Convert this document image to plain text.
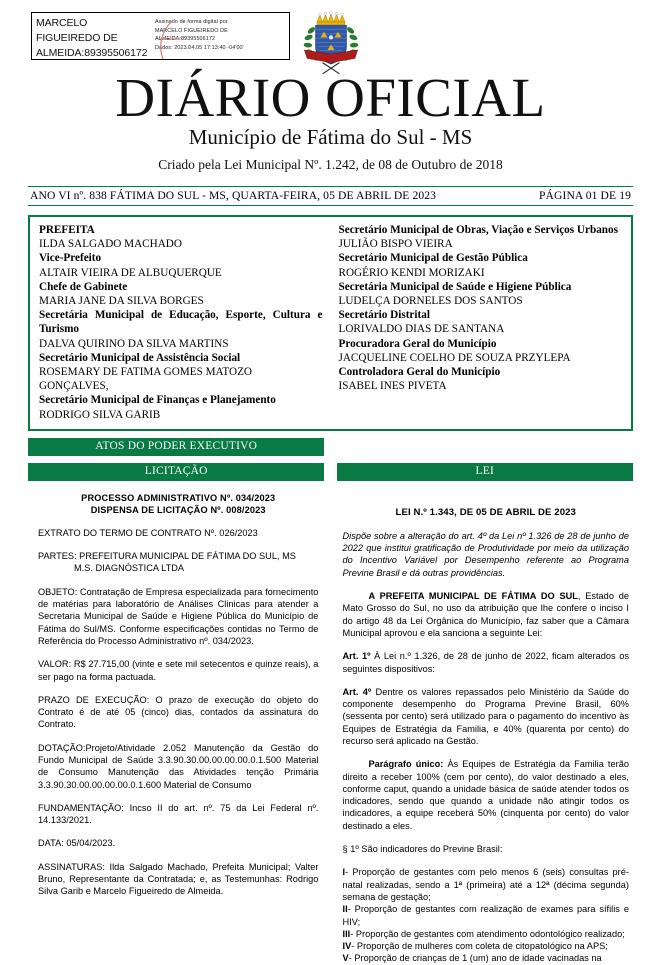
MARCELO FIGUEIREDO DE ALMEIDA:89395506172
Assinado de forma digital por
MARCELO FIGUEIREDO DE
ALMEIDA:89395506172
Dados: 2023.04.05 17:13:40 -04'00'
DIÁRIO OFICIAL
Município de Fátima do Sul - MS
Criado pela Lei Municipal Nº. 1.242, de 08 de Outubro de 2018
ANO VI nº. 838 FÁTIMA DO SUL - MS, QUARTA-FEIRA, 05 DE ABRIL DE 2023	PÁGINA 01 DE 19
PREFEITA
ILDA SALGADO MACHADO
Vice-Prefeito
ALTAIR VIEIRA DE ALBUQUERQUE
Chefe de Gabinete
MARIA JANE DA SILVA BORGES
Secretária Municipal de Educação, Esporte, Cultura e Turismo
DALVA QUIRINO DA SILVA MARTINS
Secretário Municipal de Assistência Social
ROSEMARY DE FATIMA GOMES MATOZO GONÇALVES,
Secretário Municipal de Finanças e Planejamento
RODRIGO SILVA GARIB
Secretário Municipal de Obras, Viação e Serviços Urbanos
JULIÃO BISPO VIEIRA
Secretário Municipal de Gestão Pública
ROGÉRIO KENDI MORIZAKI
Secretária Municipal de Saúde e Higiene Pública
LUDELÇA DORNELES DOS SANTOS
Secretário Distrital
LORIVALDO DIAS DE SANTANA
Procuradora Geral do Município
JACQUELINE COELHO DE SOUZA PRZYLEPA
Controladora Geral do Município
ISABEL INES PIVETA
ATOS DO PODER EXECUTIVO
LICITAÇÃO	LEI
PROCESSO ADMINISTRATIVO Nº. 034/2023
DISPENSA DE LICITAÇÃO Nº. 008/2023
EXTRATO DO TERMO DE CONTRATO Nº. 026/2023
PARTES: PREFEITURA MUNICIPAL DE FÁTIMA DO SUL, MS
M.S. DIAGNÓSTICA LTDA
OBJETO: Contratação de Empresa especializada para fornecimento de matérias para laboratório de Análises Clinicas para atender a Secretaria Municipal de Saúde e Higiene Pública do Município de Fátima do Sul/MS. Conforme especificações contidas no Termo de Referência do Processo Administrativo nº. 034/2023.
VALOR: R$ 27.715,00 (vinte e sete mil setecentos e quinze reais), a ser pago na forma pactuada.
PRAZO DE EXECUÇÃO: O prazo de execução do objeto do Contrato é de até 05 (cinco) dias, contados da assinatura do Contrato.
DOTAÇÃO:Projeto/Atividade 2.052 Manutenção da Gestão do Fundo Municipal de Saúde 3.3.90.30.00.00.00.00.0.1.500 Material de Consumo Manutenção das Atividades tenção Primária 3.3.90.30.00.00.00.00.0.1.600 Material de Consumo
FUNDAMENTAÇÃO: Incso II do art. nº. 75 da Lei Federal nº. 14.133/2021.
DATA: 05/04/2023.
ASSINATURAS: Ilda Salgado Machado, Prefeita Municipal; Valter Bruno, Representante da Contratada; e, as Testemunhas: Rodrigo Silva Garib e Marcelo Figueiredo de Almeida.
LEI N.º 1.343, DE 05 DE ABRIL DE 2023
Dispõe sobre a alteração do art. 4º da Lei nº 1.326 de 28 de junho de 2022 que institui gratificação de Produtividade por meio da utilização do Incentivo Variável por Desempenho referente ao Programa Previne Brasil e dá outras providências.
A PREFEITA MUNICIPAL DE FÁTIMA DO SUL, Estado de Mato Grosso do Sul, no uso da atribuição que lhe confere o inciso I do artigo 48 da Lei Orgânica do Município, faz saber que a Câmara Municipal aprovou e ela sanciona a seguinte Lei:
Art. 1º À Lei n.º 1.326, de 28 de junho de 2022, ficam alterados os seguintes dispositivos:
Art. 4º Dentre os valores repassados pelo Ministério da Saúde do componente desempenho do Programa Previne Brasil, 60% (sessenta por cento) será utilizado para o pagamento do incentivo às Equipes de Estratégia da Familia, e 40% (quarenta por cento) do recurso será aplicado na Gestão.
Parágrafo único: Às Equipes de Estratégia da Familia terão direito a receber 100% (cem por cento), do valor destinado a eles, conforme caput, quando a unidade básica de saúde atender todos os indicadores, sendo que quando a unidade não atingir todos os indicadores, a equipe receberá 50% (cinquenta por cento) do valor destinado a eles.
§ 1º São indicadores do Previne Brasil:
I- Proporção de gestantes com pelo menos 6 (seis) consultas pré-natal realizadas, sendo a 1ª (primeira) até a 12ª (décima segunda) semana de gestação;
II- Proporção de gestantes com realização de exames para sífilis e HIV;
III- Proporção de gestantes com atendimento odontológico realizado;
IV- Proporção de mulheres com coleta de citopatológico na APS;
V- Proporção de crianças de 1 (um) ano de idade vacinadas na
